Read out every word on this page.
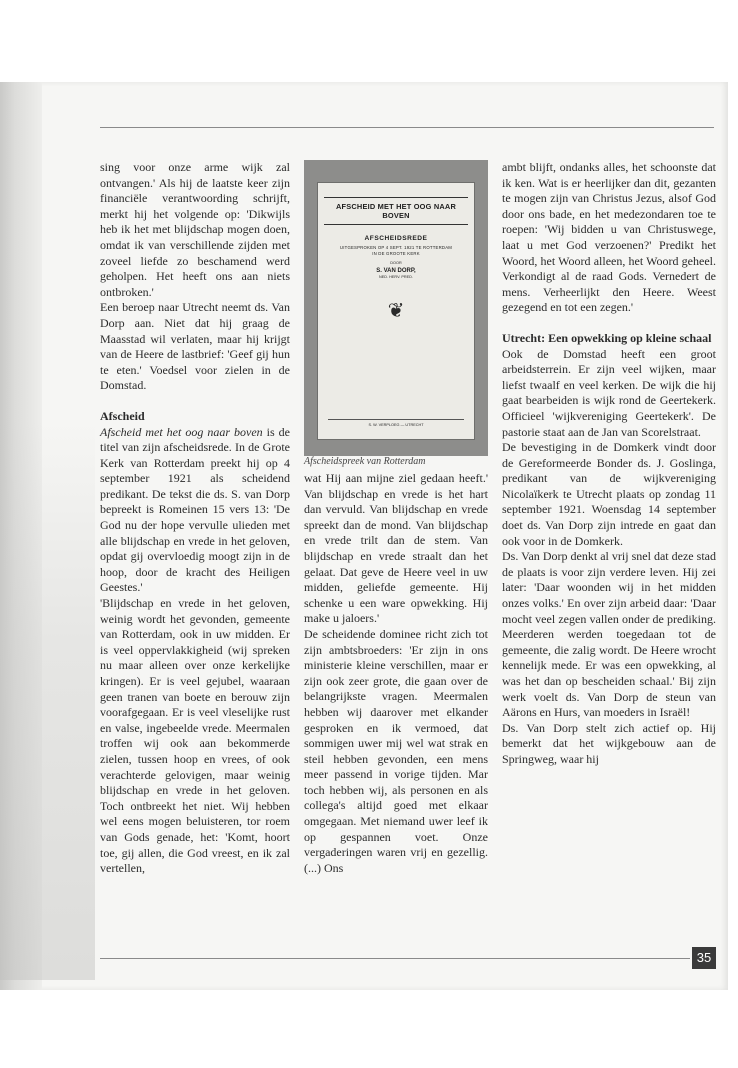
sing voor onze arme wijk zal ontvangen.' Als hij de laatste keer zijn financiële verantwoording schrijft, merkt hij het volgende op: 'Dikwijls heb ik het met blijdschap mogen doen, omdat ik van verschillende zijden met zoveel liefde zo beschamend werd geholpen. Het heeft ons aan niets ontbroken.'

Een beroep naar Utrecht neemt ds. Van Dorp aan. Niet dat hij graag de Maasstad wil verlaten, maar hij krijgt van de Heere de lastbrief: 'Geef gij hun te eten.' Voedsel voor zielen in de Domstad.

Afscheid

Afscheid met het oog naar boven is de titel van zijn afscheidsrede. In de Grote Kerk van Rotterdam preekt hij op 4 september 1921 als scheidend predikant. De tekst die ds. S. van Dorp bepreekt is Romeinen 15 vers 13: 'De God nu der hope vervulle ulieden met alle blijdschap en vrede in het geloven, opdat gij overvloedig moogt zijn in de hoop, door de kracht des Heiligen Geestes.'

'Blijdschap en vrede in het geloven, weinig wordt het gevonden, gemeente van Rotterdam, ook in uw midden. Er is veel oppervlakkigheid (wij spreken nu maar alleen over onze kerkelijke kringen). Er is veel gejubel, waaraan geen tranen van boete en berouw zijn voorafgegaan. Er is veel vleselijke rust en valse, ingebeelde vrede. Meermalen troffen wij ook aan bekommerde zielen, tussen hoop en vrees, of ook verachterde gelovigen, maar weinig blijdschap en vrede in het geloven. Toch ontbreekt het niet. Wij hebben wel eens mogen beluisteren, tor roem van Gods genade, het: 'Komt, hoort toe, gij allen, die God vreest, en ik zal vertellen,

AFSCHEID MET HET OOG NAAR BOVEN
AFSCHEIDSREDE
UITGESPROKEN OP 4 SEPT. 1921 TE ROTTERDAM
IN DE GROOTE KERK
DOOR
S. VAN DORP,
NED. HERV. PRED.
❦
S. W. VERPLOEG — UTRECHT
Afscheidspreek van Rotterdam

wat Hij aan mijne ziel gedaan heeft.' Van blijdschap en vrede is het hart dan vervuld. Van blijdschap en vrede spreekt dan de mond. Van blijdschap en vrede trilt dan de stem. Van blijdschap en vrede straalt dan het gelaat. Dat geve de Heere veel in uw midden, geliefde gemeente. Hij schenke u een ware opwekking. Hij make u jaloers.'

De scheidende dominee richt zich tot zijn ambtsbroeders: 'Er zijn in ons ministerie kleine verschillen, maar er zijn ook zeer grote, die gaan over de belangrijkste vragen. Meermalen hebben wij daarover met elkander gesproken en ik vermoed, dat sommigen uwer mij wel wat strak en steil hebben gevonden, een mens meer passend in vorige tijden. Mar toch hebben wij, als personen en als collega's altijd goed met elkaar omgegaan. Met niemand uwer leef ik op gespannen voet. Onze vergaderingen waren vrij en gezellig. (...) Ons

ambt blijft, ondanks alles, het schoonste dat ik ken. Wat is er heerlijker dan dit, gezanten te mogen zijn van Christus Jezus, alsof God door ons bade, en het medezondaren toe te roepen: 'Wij bidden u van Christuswege, laat u met God verzoenen?' Predikt het Woord, het Woord alleen, het Woord geheel. Verkondigt al de raad Gods. Vernedert de mens. Verheerlijkt den Heere. Weest gezegend en tot een zegen.'

Utrecht: Een opwekking op kleine schaal

Ook de Domstad heeft een groot arbeidsterrein. Er zijn veel wijken, maar liefst twaalf en veel kerken. De wijk die hij gaat bearbeiden is wijk rond de Geertekerk. Officieel 'wijkvereniging Geertekerk'. De pastorie staat aan de Jan van Scorelstraat.

De bevestiging in de Domkerk vindt door de Gereformeerde Bonder ds. J. Goslinga, predikant van de wijkvereniging Nicolaïkerk te Utrecht plaats op zondag 11 september 1921. Woensdag 14 september doet ds. Van Dorp zijn intrede en gaat dan ook voor in de Domkerk.

Ds. Van Dorp denkt al vrij snel dat deze stad de plaats is voor zijn verdere leven. Hij zei later: 'Daar woonden wij in het midden onzes volks.' En over zijn arbeid daar: 'Daar mocht veel zegen vallen onder de prediking. Meerderen werden toegedaan tot de gemeente, die zalig wordt. De Heere wrocht kennelijk mede. Er was een opwekking, al was het dan op bescheiden schaal.' Bij zijn werk voelt ds. Van Dorp de steun van Aärons en Hurs, van moeders in Israël!

Ds. Van Dorp stelt zich actief op. Hij bemerkt dat het wijkgebouw aan de Springweg, waar hij

35
